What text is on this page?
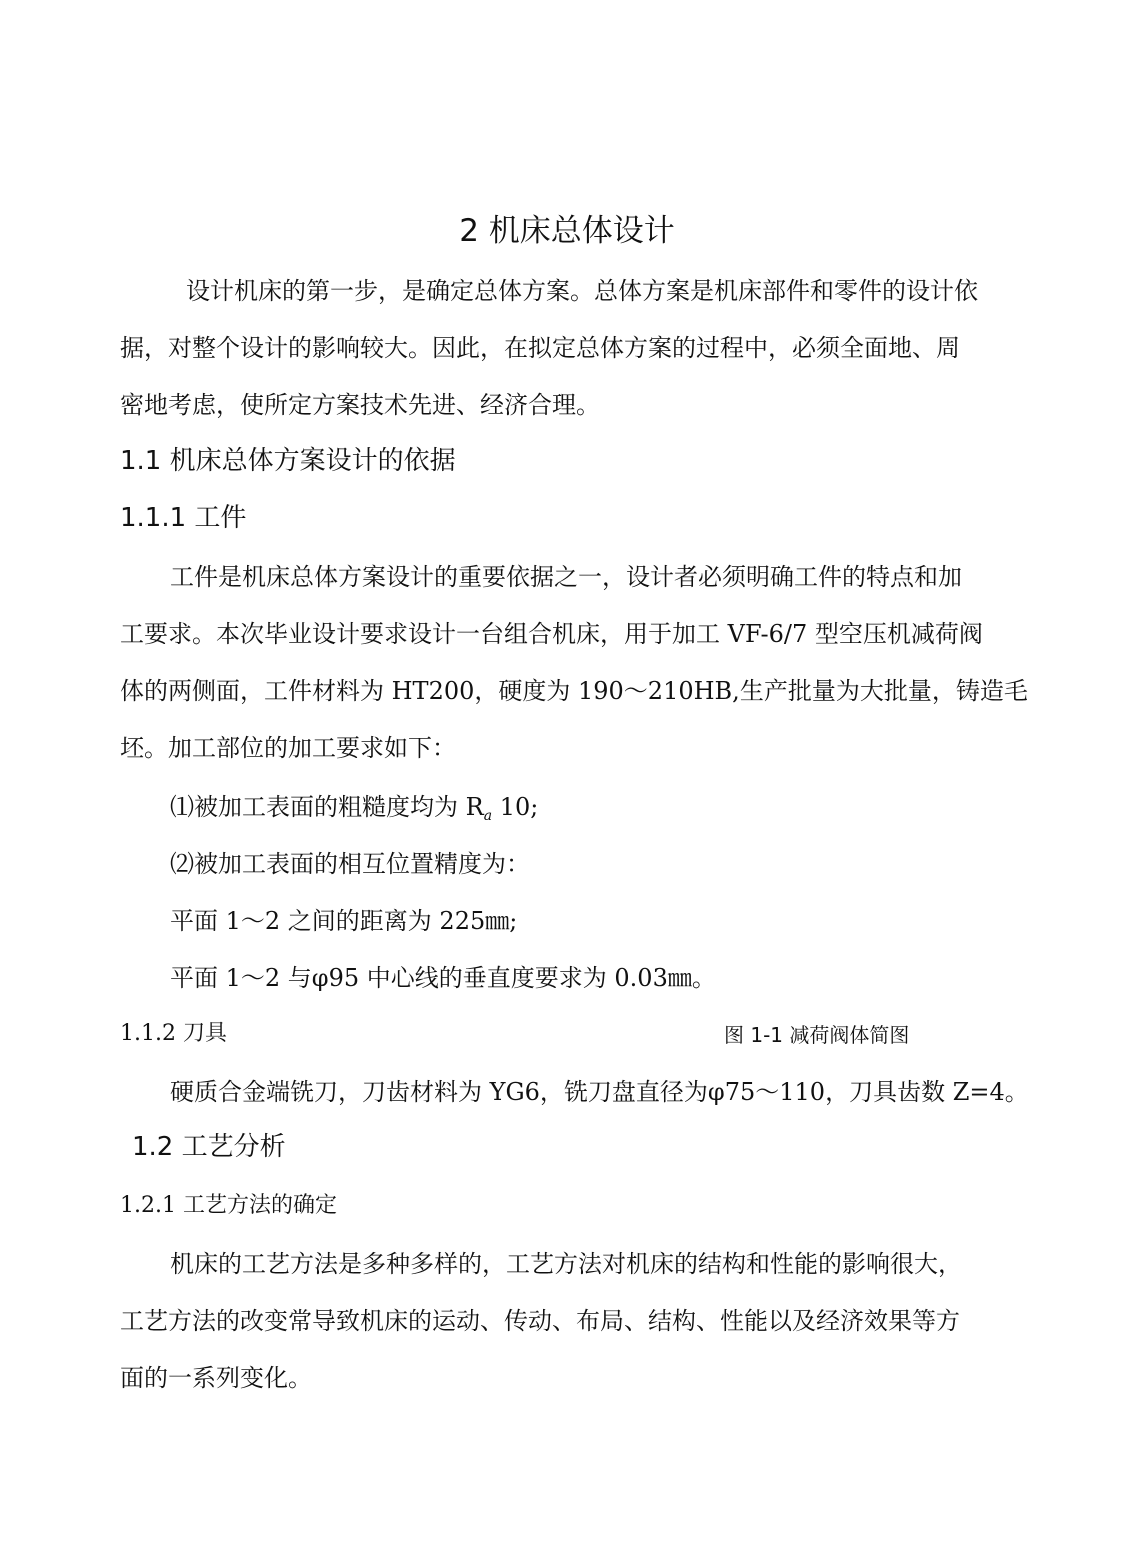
2 机床总体设计
设计机床的第一步，是确定总体方案。总体方案是机床部件和零件的设计依
据，对整个设计的影响较大。因此，在拟定总体方案的过程中，必须全面地、周
密地考虑，使所定方案技术先进、经济合理。
1.1 机床总体方案设计的依据
1.1.1 工件
工件是机床总体方案设计的重要依据之一，设计者必须明确工件的特点和加
工要求。本次毕业设计要求设计一台组合机床，用于加工 VF-6/7 型空压机减荷阀
体的两侧面，工件材料为 HT200，硬度为 190～210HB,生产批量为大批量，铸造毛
坯。加工部位的加工要求如下：
⑴被加工表面的粗糙度均为 $R_a$ 10;
⑵被加工表面的相互位置精度为：
平面 1～2 之间的距离为 225㎜;
平面 1～2 与φ95 中心线的垂直度要求为 0.03㎜。
1.1.2 刀具	图 1-1 减荷阀体简图
硬质合金端铣刀，刀齿材料为 YG6，铣刀盘直径为φ75～110，刀具齿数 Z=4。
1.2 工艺分析
1.2.1 工艺方法的确定
机床的工艺方法是多种多样的，工艺方法对机床的结构和性能的影响很大，
工艺方法的改变常导致机床的运动、传动、布局、结构、性能以及经济效果等方
面的一系列变化。
